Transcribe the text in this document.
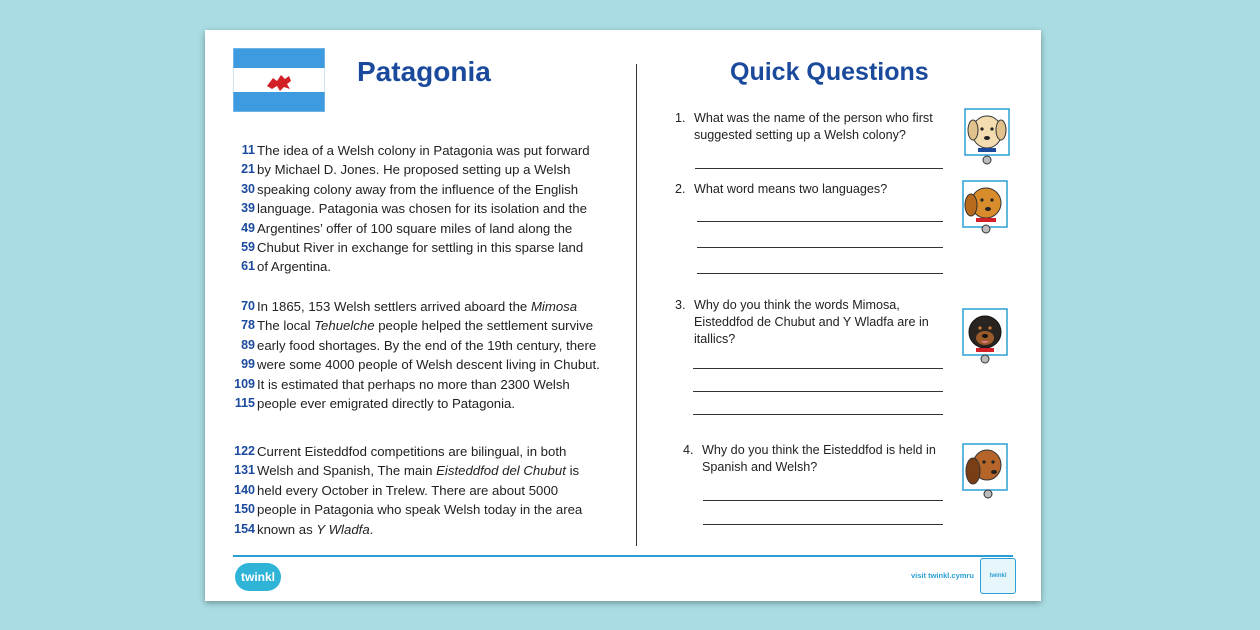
Patagonia	Quick Questions
11 The idea of a Welsh colony in Patagonia was put forward
21 by Michael D. Jones. He proposed setting up a Welsh
30 speaking colony away from the influence of the English
39 language. Patagonia was chosen for its isolation and the
49 Argentines’ offer of 100 square miles of land along the
59 Chubut River in exchange for settling in this sparse land
61 of Argentina.
70 In 1865, 153 Welsh settlers arrived aboard the Mimosa
78 The local Tehuelche people helped the settlement survive
89 early food shortages. By the end of the 19th century, there
99 were some 4000 people of Welsh descent living in Chubut.
109 It is estimated that perhaps no more than 2300 Welsh
115 people ever emigrated directly to Patagonia.
122 Current Eisteddfod competitions are bilingual, in both
131 Welsh and Spanish, The main Eisteddfod del Chubut is
140 held every October in Trelew. There are about 5000
150 people in Patagonia who speak Welsh today in the area
154 known as Y Wladfa.
1. What was the name of the person who first suggested setting up a Welsh colony?
2. What word means two languages?
3. Why do you think the words Mimosa, Eisteddfod de Chubut and Y Wladfa are in itallics?
4. Why do you think the Eisteddfod is held in Spanish and Welsh?
twinkl	visit twinkl.cymru	twinkl
